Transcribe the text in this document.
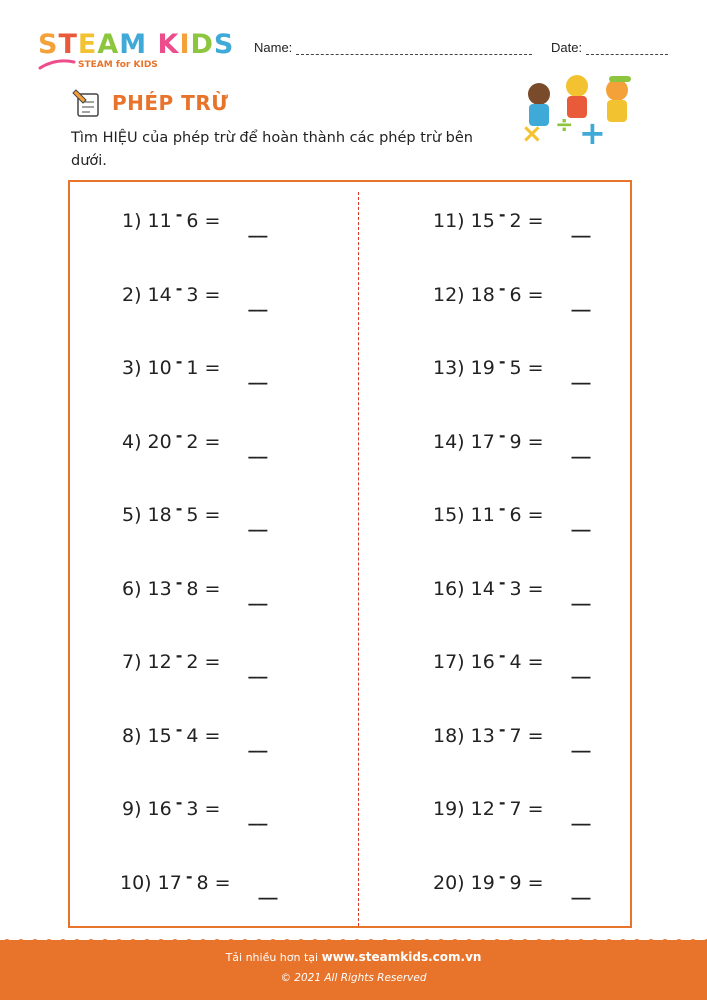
STEAM KIDS
STEAM for KIDS
Name:	Date:
PHÉP TRỪ
Tìm HIỆU của phép trừ để hoàn thành các phép trừ bên dưới.
× ÷ +
1) 11 - 6 = __
2) 14 - 3 = __
3) 10 - 1 = __
4) 20 - 2 = __
5) 18 - 5 = __
6) 13 - 8 = __
7) 12 - 2 = __
8) 15 - 4 = __
9) 16 - 3 = __
10) 17 - 8 = __
11) 15 - 2 = __
12) 18 - 6 = __
13) 19 - 5 = __
14) 17 - 9 = __
15) 11 - 6 = __
16) 14 - 3 = __
17) 16 - 4 = __
18) 13 - 7 = __
19) 12 - 7 = __
20) 19 - 9 = __
Tải nhiều hơn tại www.steamkids.com.vn
© 2021 All Rights Reserved
